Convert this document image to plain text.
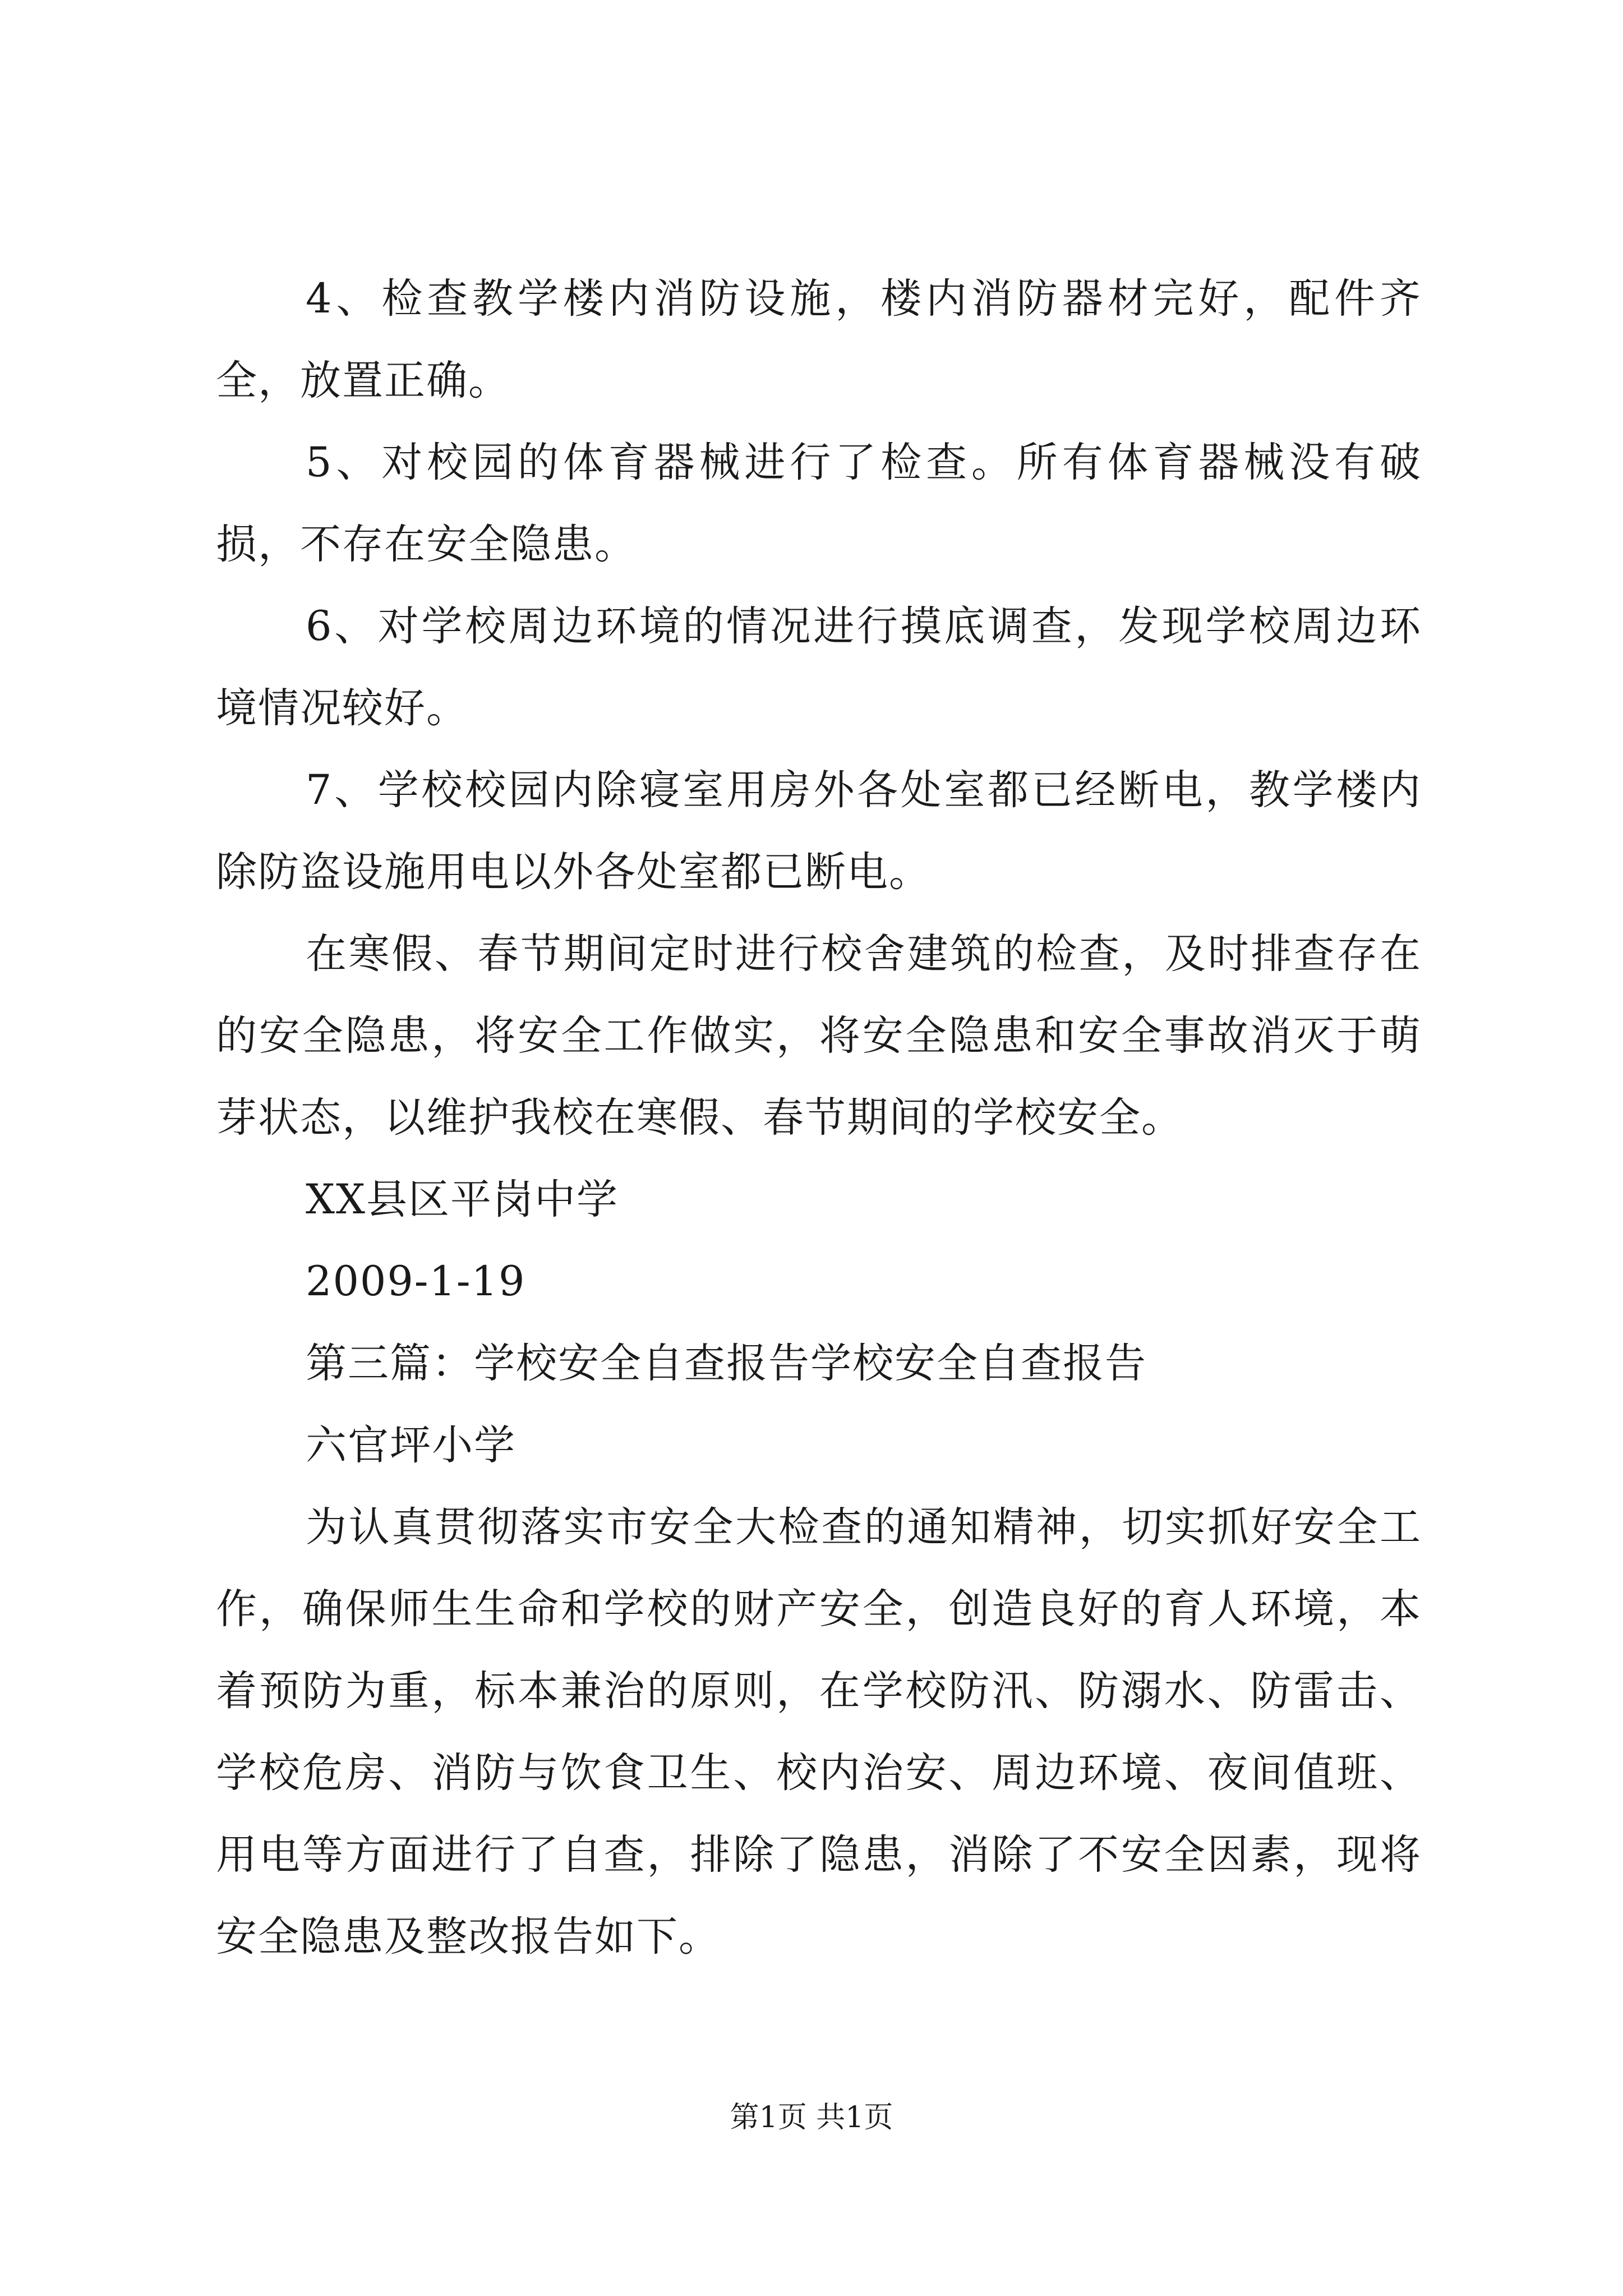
4、检查教学楼内消防设施，楼内消防器材完好，配件齐全，放置正确。

5、对校园的体育器械进行了检查。所有体育器械没有破损，不存在安全隐患。

6、对学校周边环境的情况进行摸底调查，发现学校周边环境情况较好。

7、学校校园内除寝室用房外各处室都已经断电，教学楼内除防盗设施用电以外各处室都已断电。

在寒假、春节期间定时进行校舍建筑的检查，及时排查存在的安全隐患，将安全工作做实，将安全隐患和安全事故消灭于萌芽状态，以维护我校在寒假、春节期间的学校安全。

XX县区平岗中学

2009-1-19

第三篇：学校安全自查报告学校安全自查报告

六官坪小学

为认真贯彻落实市安全大检查的通知精神，切实抓好安全工作，确保师生生命和学校的财产安全，创造良好的育人环境，本着预防为重，标本兼治的原则，在学校防汛、防溺水、防雷击、学校危房、消防与饮食卫生、校内治安、周边环境、夜间值班、用电等方面进行了自查，排除了隐患，消除了不安全因素，现将安全隐患及整改报告如下。

第1页 共1页
